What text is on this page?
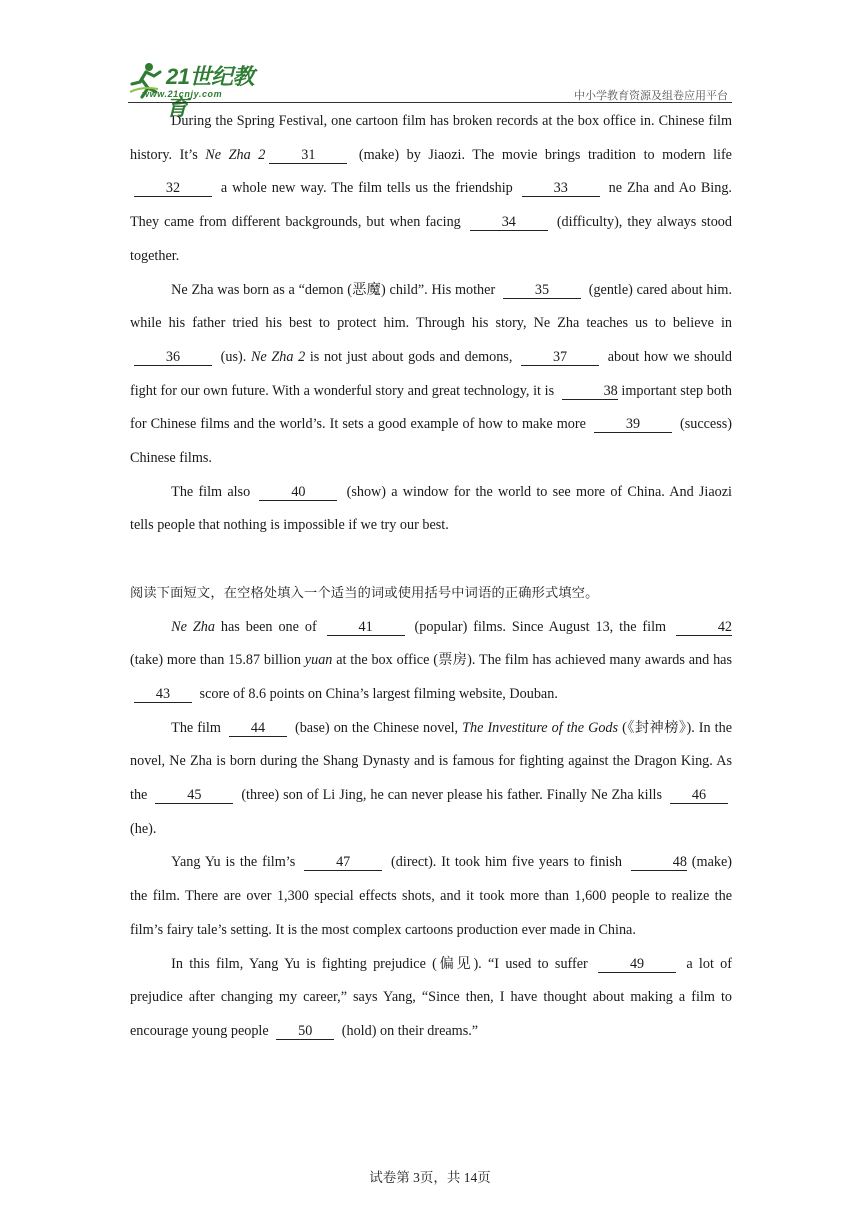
21世纪教育
www.21cnjy.com	中小学教育资源及组卷应用平台

During the Spring Festival, one cartoon film has broken records at the box office in. Chinese film history. It’s Ne Zha 2	31	(make) by Jiaozi. The movie brings tradition to modern life 32	a whole new way. The film tells us the friendship	33	ne Zha and Ao Bing. They came from different backgrounds, but when facing	34	(difficulty), they always stood together.

Ne Zha was born as a “demon (恶魔) child”. His mother	35	(gentle) cared about him. while his father tried his best to protect him. Through his story, Ne Zha teaches us to believe in 36	(us). Ne Zha 2 is not just about gods and demons,	37	about how we should fight for our own future. With a wonderful story and great technology, it is	38 important step both for Chinese films and the world’s. It sets a good example of how to make more	39	(success) Chinese films.

The film also	40	(show) a window for the world to see more of China. And Jiaozi tells people that nothing is impossible if we try our best.

阅读下面短文，在空格处填入一个适当的词或使用括号中词语的正确形式填空。

Ne Zha has been one of	41	(popular) films. Since August 13, the film	42 (take) more than 15.87 billion yuan at the box office (票房). The film has achieved many awards and has 43 score of 8.6 points on China’s largest filming website, Douban.

The film 44 (base) on the Chinese novel, The Investiture of the Gods (《封神榜》). In the novel, Ne Zha is born during the Shang Dynasty and is famous for fighting against the Dragon King. As the	45	(three) son of Li Jing, he can never please his father. Finally Ne Zha kills 46 (he).

Yang Yu is the film’s	47	(direct). It took him five years to finish	48 (make) the film. There are over 1,300 special effects shots, and it took more than 1,600 people to realize the film’s fairy tale’s setting. It is the most complex cartoons production ever made in China.

In this film, Yang Yu is fighting prejudice (偏见). “I used to suffer	49	a lot of prejudice after changing my career,” says Yang, “Since then, I have thought about making a film to encourage young people 50 (hold) on their dreams.”

试卷第 3页，共 14页
